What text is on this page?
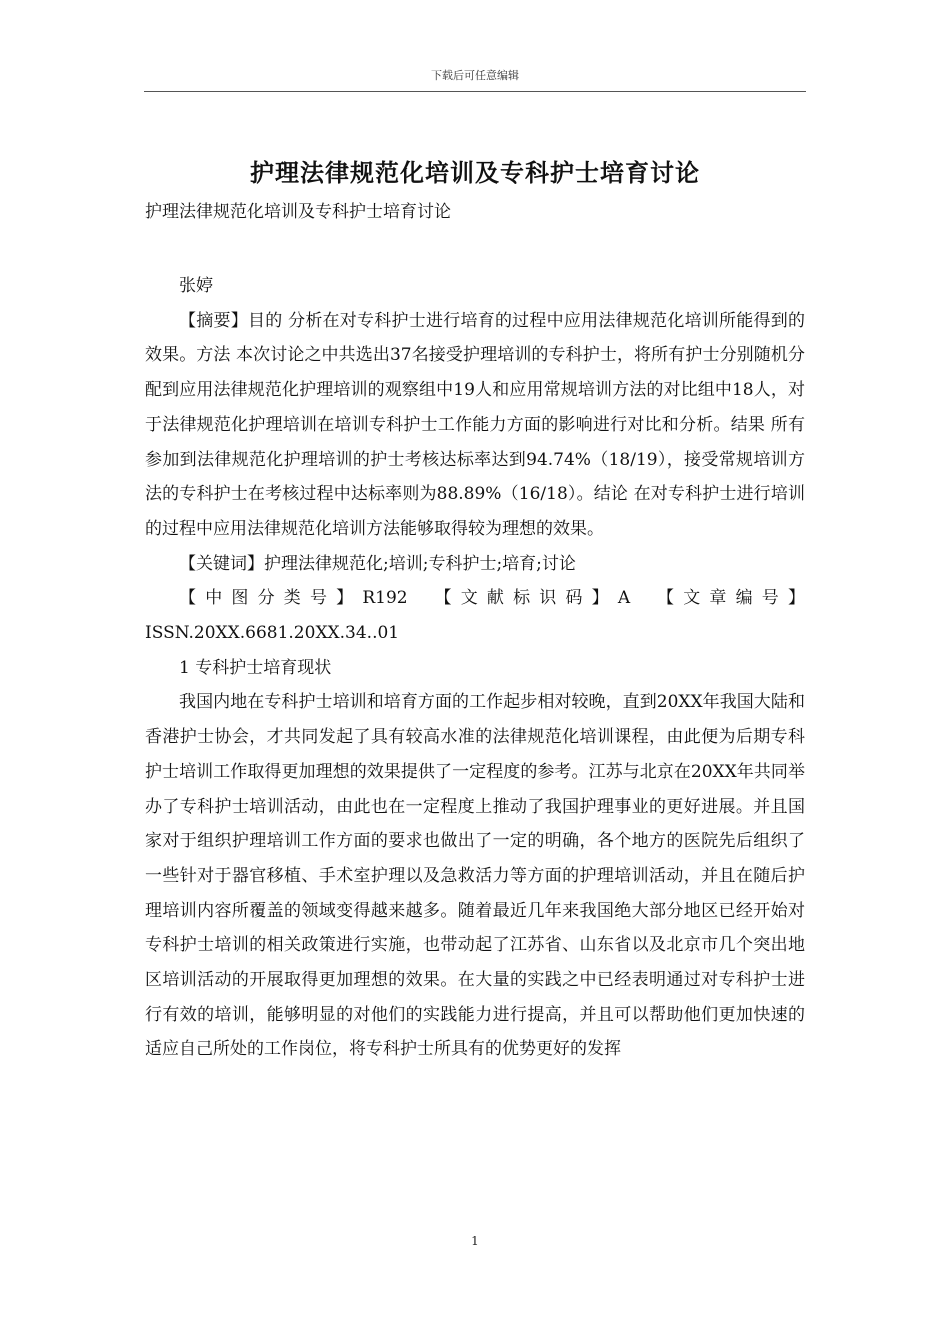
下载后可任意编辑
护理法律规范化培训及专科护士培育讨论
护理法律规范化培训及专科护士培育讨论

张婷

【摘要】目的 分析在对专科护士进行培育的过程中应用法律规范化培训所能得到的效果。方法 本次讨论之中共选出37名接受护理培训的专科护士，将所有护士分别随机分配到应用法律规范化护理培训的观察组中19人和应用常规培训方法的对比组中18人，对于法律规范化护理培训在培训专科护士工作能力方面的影响进行对比和分析。结果 所有参加到法律规范化护理培训的护士考核达标率达到94.74%（18/19），接受常规培训方法的专科护士在考核过程中达标率则为88.89%（16/18）。结论 在对专科护士进行培训的过程中应用法律规范化培训方法能够取得较为理想的效果。

【关键词】护理法律规范化;培训;专科护士;培育;讨论

【中图分类号】R192　【文献标识码】A　【文章编号】ISSN.20XX.6681.20XX.34..01

1 专科护士培育现状

我国内地在专科护士培训和培育方面的工作起步相对较晚，直到20XX年我国大陆和香港护士协会，才共同发起了具有较高水准的法律规范化培训课程，由此便为后期专科护士培训工作取得更加理想的效果提供了一定程度的参考。江苏与北京在20XX年共同举办了专科护士培训活动，由此也在一定程度上推动了我国护理事业的更好进展。并且国家对于组织护理培训工作方面的要求也做出了一定的明确，各个地方的医院先后组织了一些针对于器官移植、手术室护理以及急救活力等方面的护理培训活动，并且在随后护理培训内容所覆盖的领域变得越来越多。随着最近几年来我国绝大部分地区已经开始对专科护士培训的相关政策进行实施，也带动起了江苏省、山东省以及北京市几个突出地区培训活动的开展取得更加理想的效果。在大量的实践之中已经表明通过对专科护士进行有效的培训，能够明显的对他们的实践能力进行提高，并且可以帮助他们更加快速的适应自己所处的工作岗位，将专科护士所具有的优势更好的发挥

1
